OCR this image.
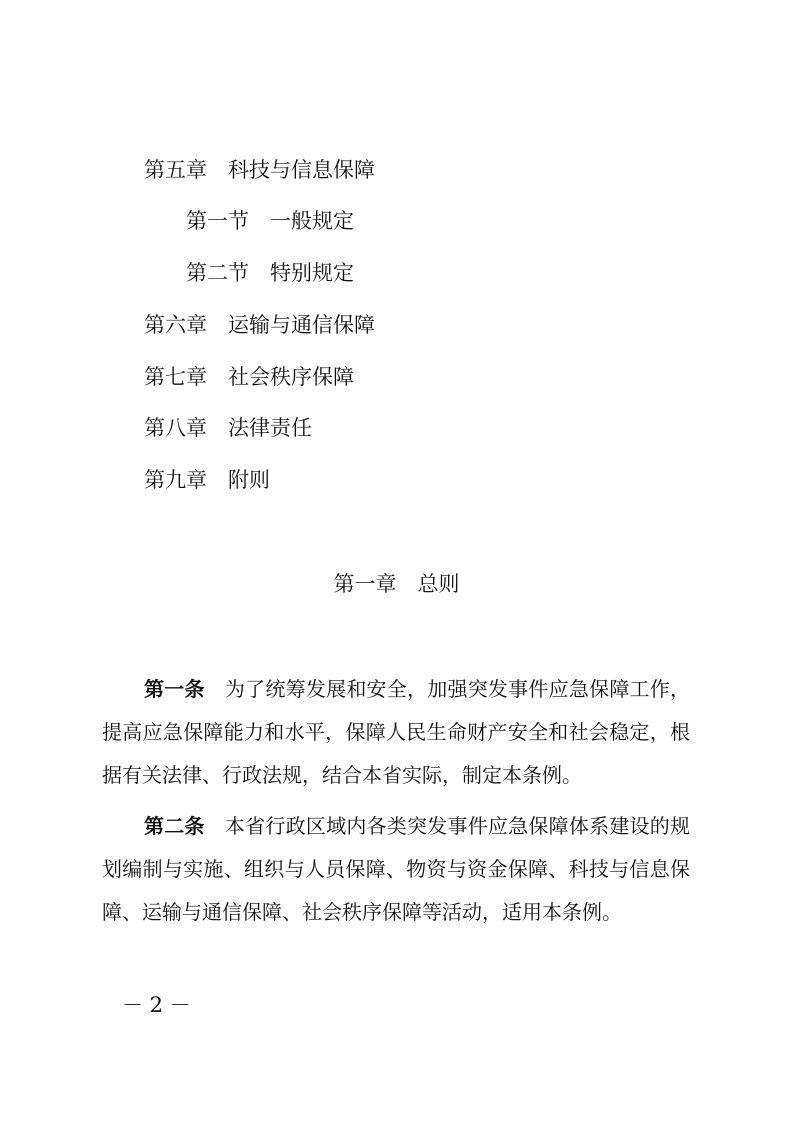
第五章 科技与信息保障
第一节 一般规定
第二节 特别规定
第六章 运输与通信保障
第七章 社会秩序保障
第八章 法律责任
第九章 附则
第一章 总则
第一条 为了统筹发展和安全，加强突发事件应急保障工作，提高应急保障能力和水平，保障人民生命财产安全和社会稳定，根据有关法律、行政法规，结合本省实际，制定本条例。
第二条 本省行政区域内各类突发事件应急保障体系建设的规划编制与实施、组织与人员保障、物资与资金保障、科技与信息保障、运输与通信保障、社会秩序保障等活动，适用本条例。
－ 2 －
